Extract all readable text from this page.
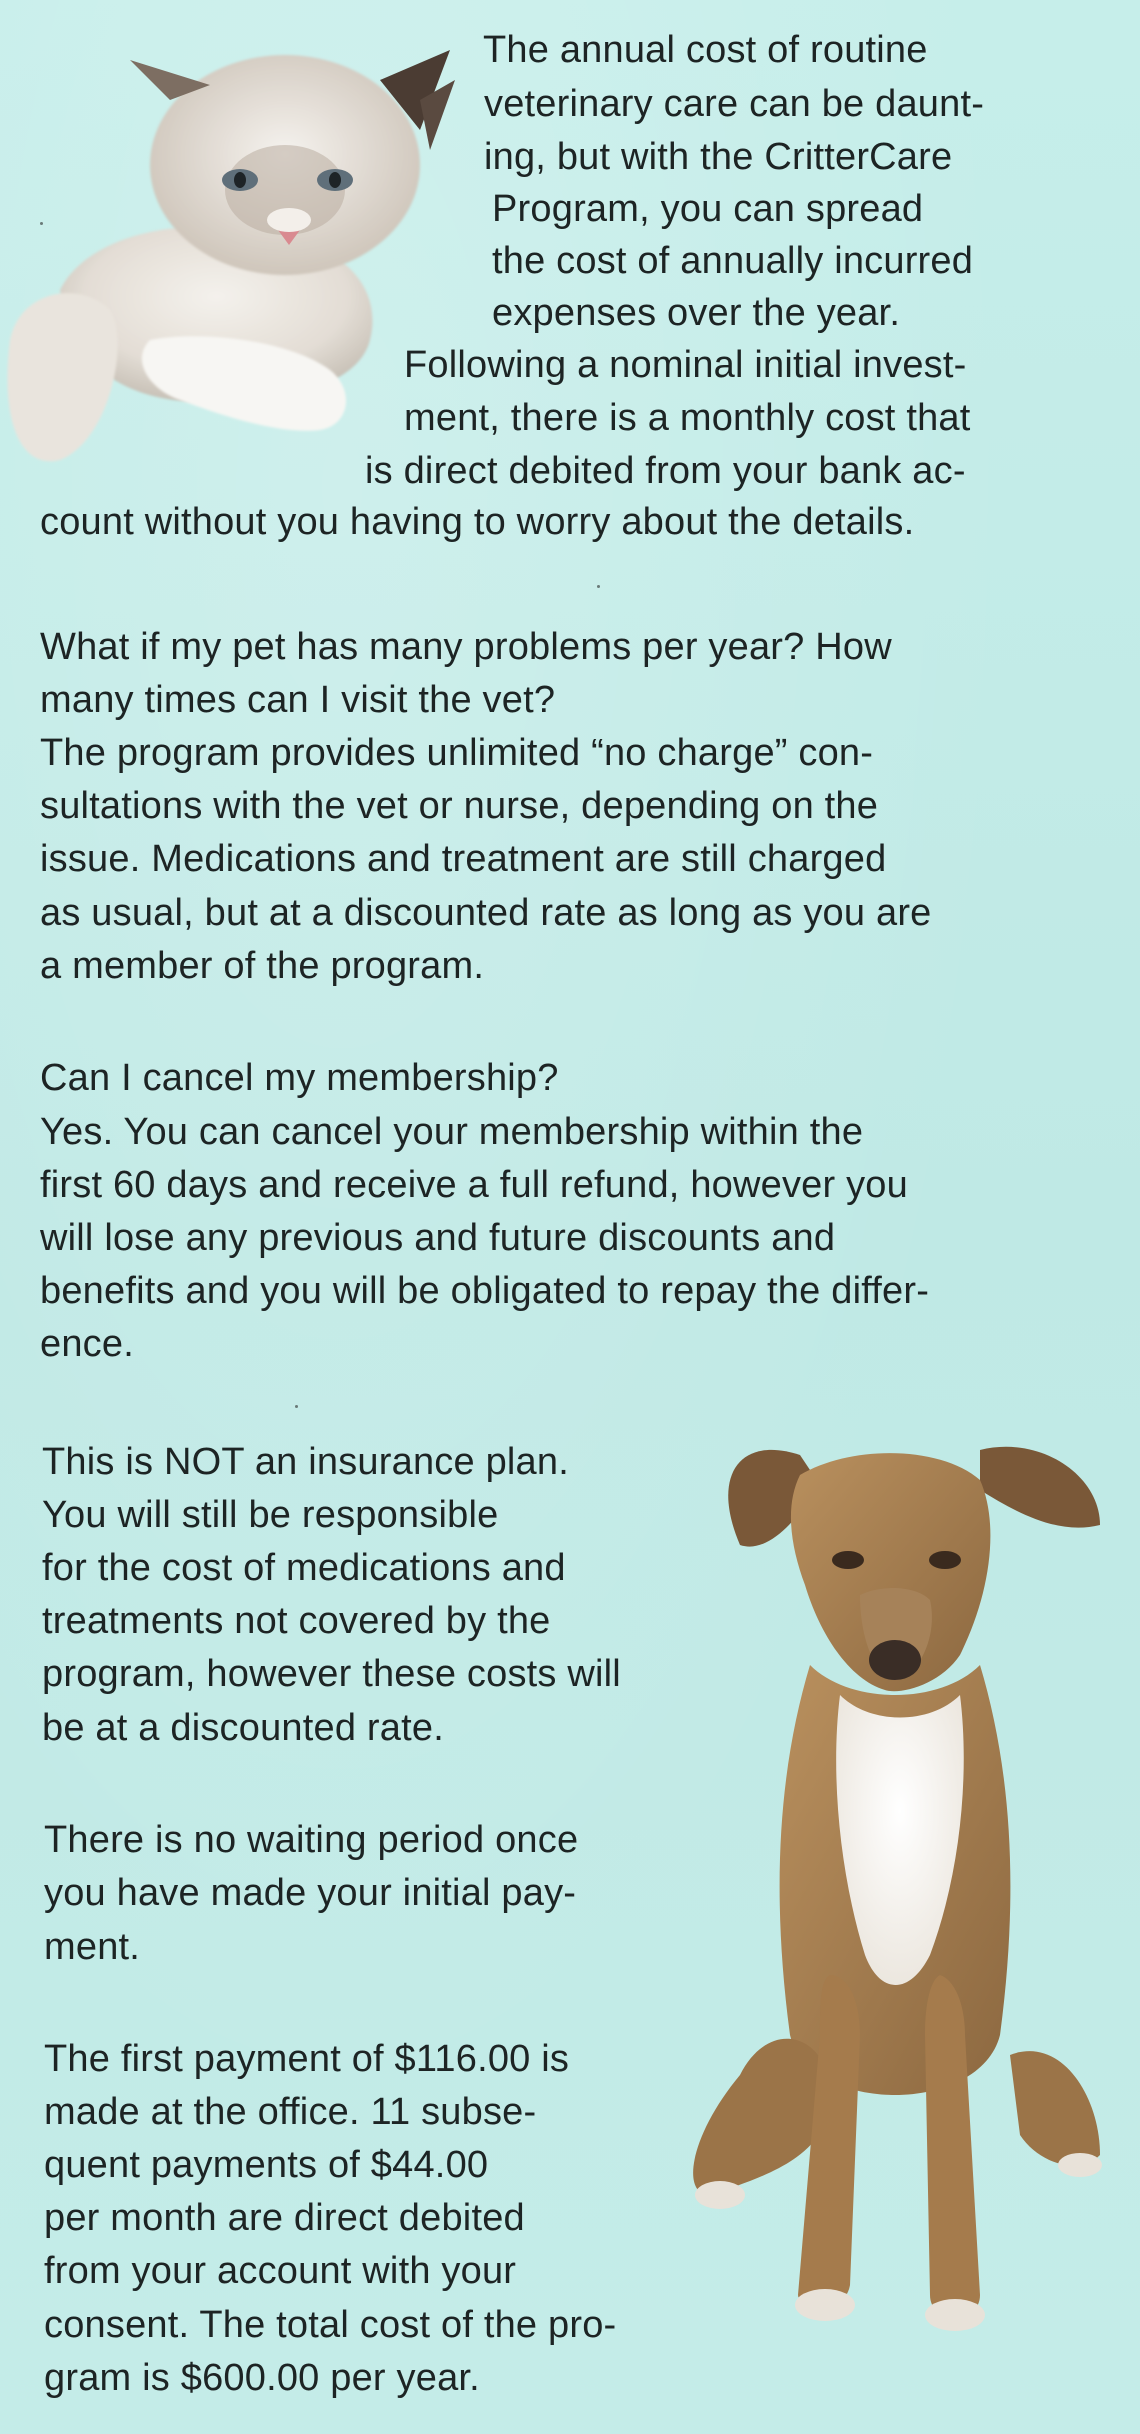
The annual cost of routine
veterinary care can be daunt-
ing, but with the CritterCare
Program, you can spread
the cost of annually incurred
expenses over the year.
Following a nominal initial invest-
ment, there is a monthly cost that
is direct debited from your bank ac-
count without you having to worry about the details.
What if my pet has many problems per year? How
many times can I visit the vet?
The program provides unlimited “no charge” con-
sultations with the vet or nurse, depending on the
issue. Medications and treatment are still charged
as usual, but at a discounted rate as long as you are
a member of the program.
Can I cancel my membership?
Yes. You can cancel your membership within the
first 60 days and receive a full refund, however you
will lose any previous and future discounts and
benefits and you will be obligated to repay the differ-
ence.
This is NOT an insurance plan.
You will still be responsible
for the cost of medications and
treatments not covered by the
program, however these costs will
be at a discounted rate.
There is no waiting period once
you have made your initial pay-
ment.
The first payment of $116.00 is
made at the office. 11 subse-
quent payments of $44.00
per month are direct debited
from your account with your
consent. The total cost of the pro-
gram is $600.00 per year.
